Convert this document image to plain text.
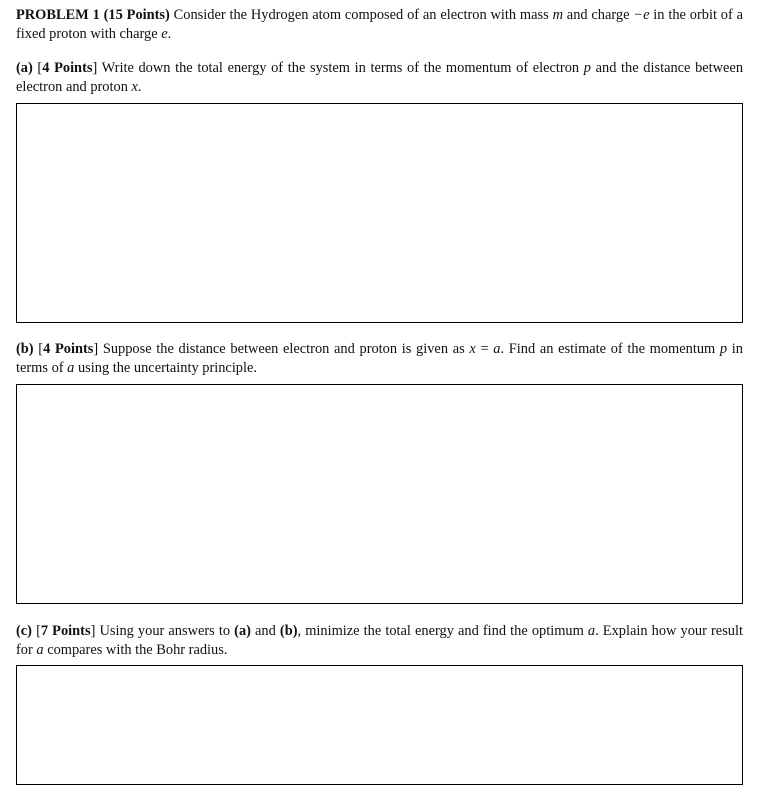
PROBLEM 1 (15 Points) Consider the Hydrogen atom composed of an electron with mass m and charge −e in the orbit of a fixed proton with charge e.

(a) [4 Points] Write down the total energy of the system in terms of the momentum of electron p and the distance between electron and proton x.

(b) [4 Points] Suppose the distance between electron and proton is given as x = a. Find an estimate of the momentum p in terms of a using the uncertainty principle.

(c) [7 Points] Using your answers to (a) and (b), minimize the total energy and find the optimum a. Explain how your result for a compares with the Bohr radius.
